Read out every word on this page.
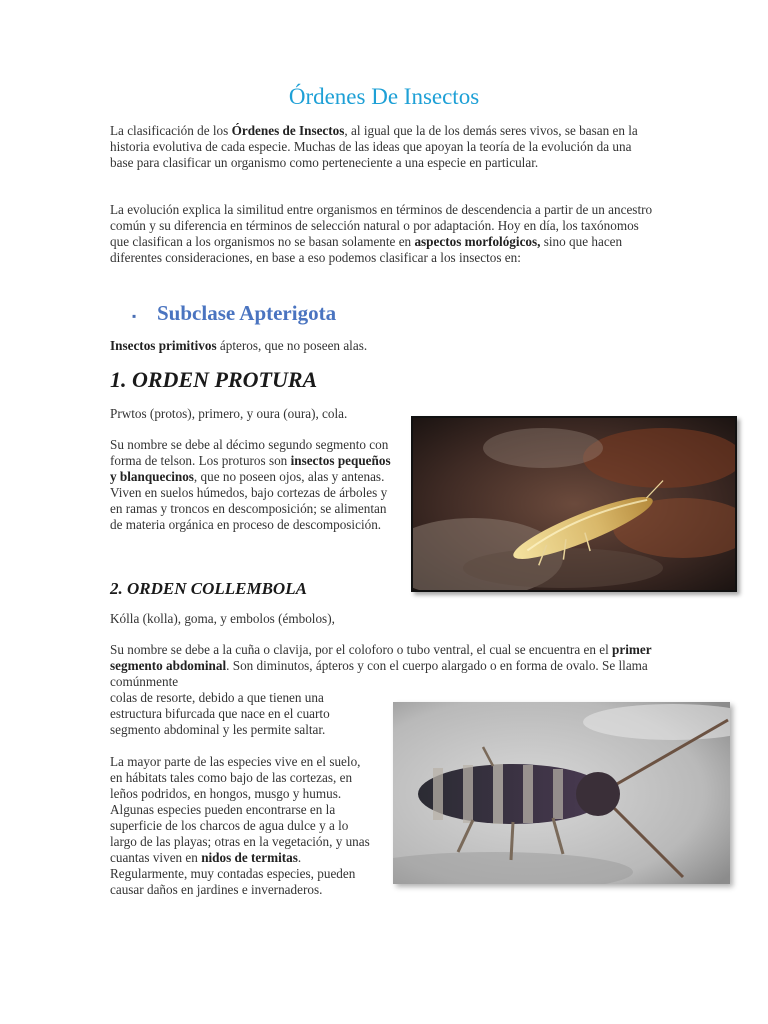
Órdenes De Insectos

La clasificación de los Órdenes de Insectos, al igual que la de los demás seres vivos, se basan en la historia evolutiva de cada especie. Muchas de las ideas que apoyan la teoría de la evolución da una base para clasificar un organismo como perteneciente a una especie en particular.

La evolución explica la similitud entre organismos en términos de descendencia a partir de un ancestro común y su diferencia en términos de selección natural o por adaptación. Hoy en día, los taxónomos que clasifican a los organismos no se basan solamente en aspectos morfológicos, sino que hacen diferentes consideraciones, en base a eso podemos clasificar a los insectos en:

▪ Subclase Apterigota

Insectos primitivos ápteros, que no poseen alas.

1. ORDEN PROTURA

Prwtos (protos), primero, y oura (oura), cola.

Su nombre se debe al décimo segundo segmento con forma de telson. Los proturos son insectos pequeños y blanquecinos, que no poseen ojos, alas y antenas. Viven en suelos húmedos, bajo cortezas de árboles y en ramas y troncos en descomposición; se alimentan de materia orgánica en proceso de descomposición.

2. ORDEN COLLEMBOLA

Kólla (kolla), goma, y embolos (émbolos),

Su nombre se debe a la cuña o clavija, por el coloforo o tubo ventral, el cual se encuentra en el primer segmento abdominal. Son diminutos, ápteros y con el cuerpo alargado o en forma de ovalo. Se llama comúnmente

colas de resorte, debido a que tienen una estructura bifurcada que nace en el cuarto segmento abdominal y les permite saltar.

La mayor parte de las especies vive en el suelo, en hábitats tales como bajo de las cortezas, en leños podridos, en hongos, musgo y humus. Algunas especies pueden encontrarse en la superficie de los charcos de agua dulce y a lo largo de las playas; otras en la vegetación, y unas cuantas viven en nidos de termitas. Regularmente, muy contadas especies, pueden causar daños en jardines e invernaderos.
